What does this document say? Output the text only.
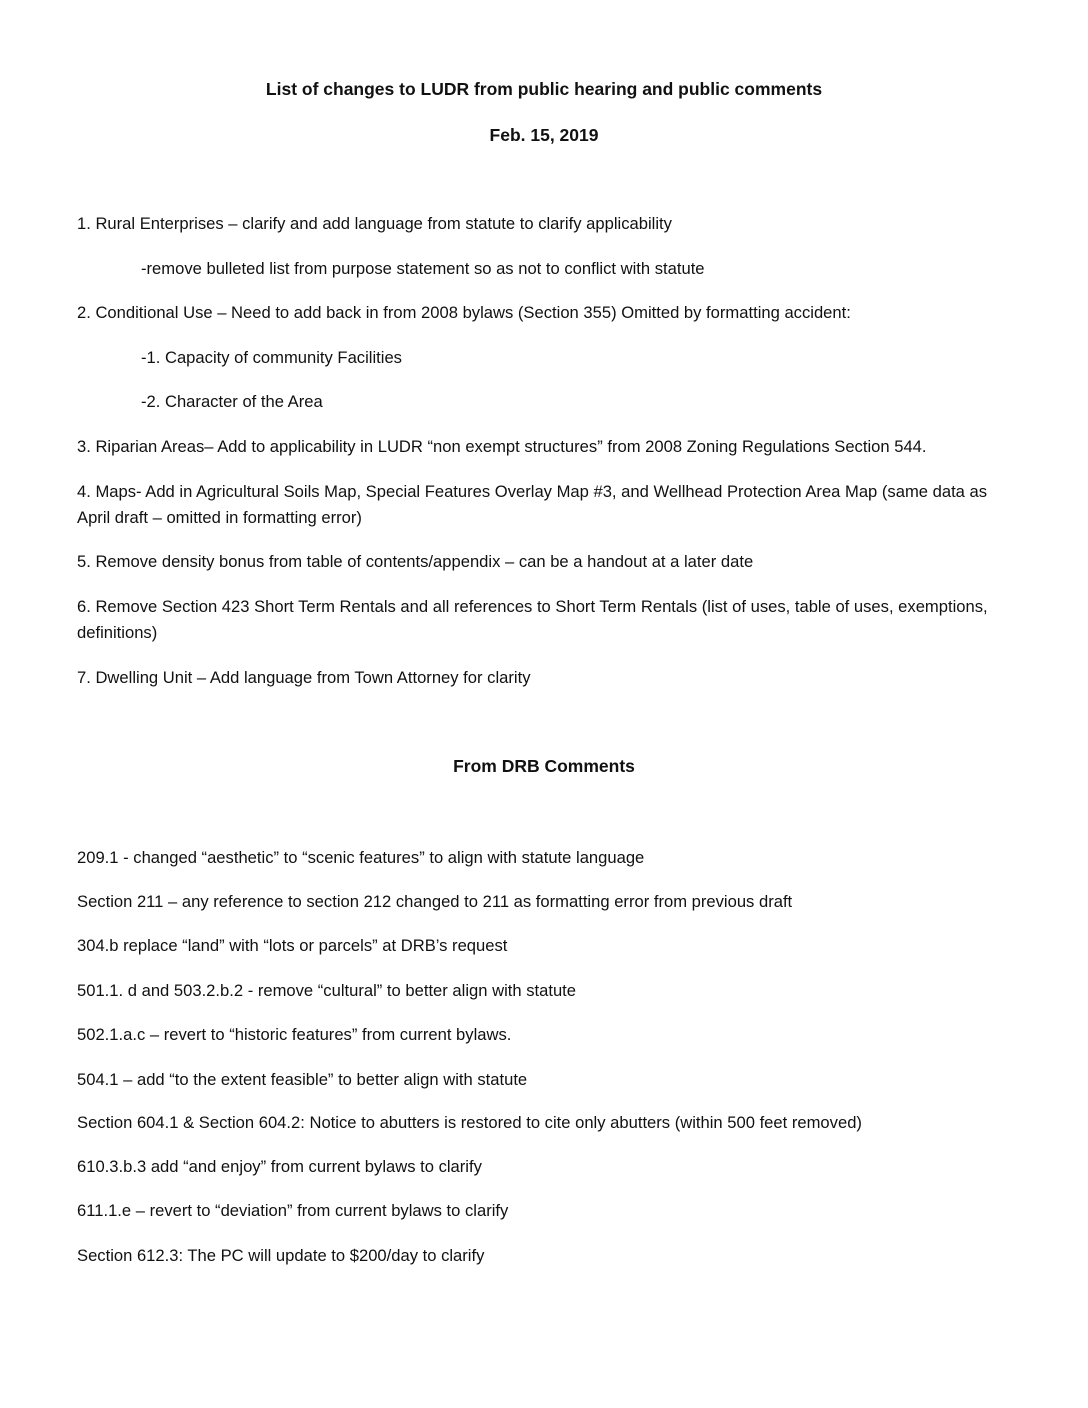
List of changes to LUDR from public hearing and public comments
Feb. 15, 2019

1. Rural Enterprises – clarify and add language from statute to clarify applicability

-remove bulleted list from purpose statement so as not to conflict with statute

2. Conditional Use – Need to add back in from 2008 bylaws (Section 355) Omitted by formatting accident:

-1. Capacity of community Facilities

-2. Character of the Area

3. Riparian Areas– Add to applicability in LUDR “non exempt structures” from 2008 Zoning Regulations Section 544.

4. Maps- Add in Agricultural Soils Map, Special Features Overlay Map #3, and Wellhead Protection Area Map (same data as April draft – omitted in formatting error)

5. Remove density bonus from table of contents/appendix – can be a handout at a later date

6. Remove Section 423 Short Term Rentals and all references to Short Term Rentals (list of uses, table of uses, exemptions, definitions)

7. Dwelling Unit – Add language from Town Attorney for clarity

From DRB Comments

209.1 - changed “aesthetic” to “scenic features” to align with statute language

Section 211 – any reference to section 212 changed to 211 as formatting error from previous draft

304.b replace “land” with “lots or parcels” at DRB’s request

501.1. d and 503.2.b.2 - remove “cultural” to better align with statute

502.1.a.c – revert to “historic features” from current bylaws.

504.1 – add “to the extent feasible” to better align with statute

Section 604.1 & Section 604.2: Notice to abutters is restored to cite only abutters (within 500 feet removed)

610.3.b.3 add “and enjoy” from current bylaws to clarify

611.1.e – revert to “deviation” from current bylaws to clarify

Section 612.3: The PC will update to $200/day to clarify
